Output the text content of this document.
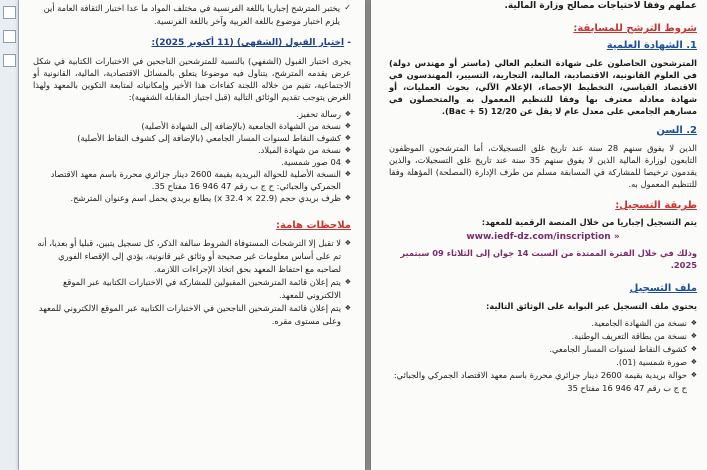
✓ يختبر المترشح إجباريا باللغة الفرنسية في مختلف المواد ما عدا اختبار الثقافة العامة أين يلزم اختبار موضوع باللغة العربية وآخر باللغة الفرنسية.

- اختبار القبول (الشفهي) (11 أكتوبر 2025):

يجرى اختبار القبول (الشفهي) بالنسبة للمترشحين الناجحين في الاختبارات الكتابية في شكل عرض يقدمه المترشح، يتناول فيه موضوعا يتعلق بالمسائل الاقتصادية، المالية، القانونية أو الاجتماعية، تقيم من خلاله اللجنة كفاءات هذا الأخير وإمكانياته لمتابعة التكوين بالمعهد ولهذا الغرض يتوجب تقديم الوثائق التالية (قبل اجتياز المقابلة الشفهية):

❖ رسالة تحفيز.
❖ نسخة من الشهادة الجامعية (بالإضافة إلى الشهادة الأصلية)
❖ كشوف النقاط لسنوات المسار الجامعي (بالإضافة إلى كشوف النقاط الأصلية)
❖ نسخة من شهادة الميلاد.
❖ 04 صور شمسية.
❖ النسخة الأصلية للحوالة البريدية بقيمة 2600 دينار جزائري محررة باسم معهد الاقتصاد الجمركي والجبائي: ح ج ب رقم 47 946 16 مفتاح 35.
❖ ظرف بريدي حجم (22.9 × 32.4 x) يطابع بريدي يحمل اسم وعنوان المترشح.

ملاحظات هامة:

❖ لا تقبل إلا الترشحات المستوفاة الشروط سالفة الذكر، كل تسجيل يتبين، قبليا أو بعديا، أنه تم على أساس معلومات غير صحيحة أو وثائق غير قانونية، يؤدي إلى الإقصاء الفوري لصاحبه مع احتفاظ المعهد بحق اتخاذ الإجراءات اللازمة.
❖ يتم إعلان قائمة المترشحين المقبولين للمشاركة في الاختبارات الكتابية عبر الموقع الالكتروني للمعهد.
❖ يتم إعلان قائمة المترشحين الناجحين في الاختبارات الكتابية عبر الموقع الالكتروني للمعهد وعلى مستوى مقره.

عملهم وفقا لاحتياجات مصالح وزارة المالية.

شروط الترشح للمسابقة:

1. الشهادة العلمية

المترشحون الحاصلون على شهادة التعليم العالي (ماستر أو مهندس دولة) في العلوم القانونية، الاقتصادية، المالية، التجارية، التسيير، المهندسون في الاقتصاد القياسي، التخطيط الإحصاء، الإعلام الآلي، بحوث العمليات، أو شهادة معادلة معترف بها وفقا للتنظيم المعمول به والمتحصلون في مسارهم الجامعي على معدل عام لا يقل عن 12/20 (Bac + 5).

2. السن

الذين لا يفوق سنهم 28 سنة عند تاريخ غلق التسجيلات، أما المترشحون الموظفون التابعون لوزارة المالية الذين لا يفوق سنهم 35 سنة عند تاريخ غلق التسجيلات، والذين يقدمون ترخيصا للمشاركة في المسابقة مسلم من طرف الإدارة (المصلحة) المؤهلة وفقا للتنظيم المعمول به.

طريقة التسجيل:

يتم التسجيل إجباريا من خلال المنصة الرقمية للمعهد:

www.iedf-dz.com/inscription »

وذلك في خلال الفترة الممتدة من السبت 14 جوان إلى الثلاثاء 09 سبتمبر 2025.

ملف التسجيل

يحتوي ملف التسجيل عبر البوابة على الوثائق التالية:

❖ نسخة من الشهادة الجامعية.
❖ نسخة من بطاقة التعريف الوطنية.
❖ كشوف النقاط لسنوات المسار الجامعي.
❖ صورة شمسية (01).
❖ حوالة بريدية بقيمة 2600 دينار جزائري محررة باسم معهد الاقتصاد الجمركي والجبائي: ح ج ب رقم 47 946 16 مفتاح 35
